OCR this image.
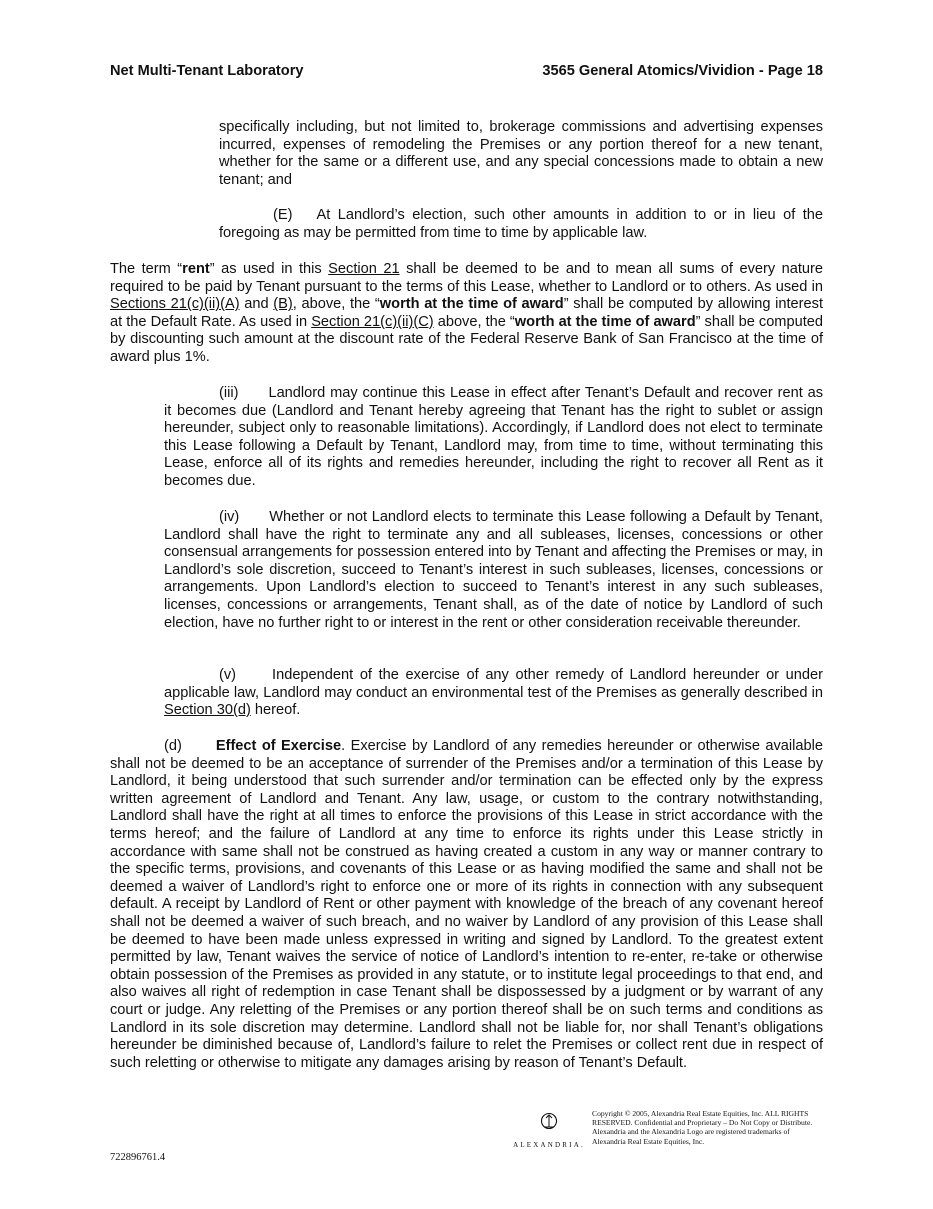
Net Multi-Tenant Laboratory	3565 General Atomics/Vividion - Page 18

specifically including, but not limited to, brokerage commissions and advertising expenses incurred, expenses of remodeling the Premises or any portion thereof for a new tenant, whether for the same or a different use, and any special concessions made to obtain a new tenant; and

(E) At Landlord’s election, such other amounts in addition to or in lieu of the foregoing as may be permitted from time to time by applicable law.

The term “rent” as used in this Section 21 shall be deemed to be and to mean all sums of every nature required to be paid by Tenant pursuant to the terms of this Lease, whether to Landlord or to others. As used in Sections 21(c)(ii)(A) and (B), above, the “worth at the time of award” shall be computed by allowing interest at the Default Rate. As used in Section 21(c)(ii)(C) above, the “worth at the time of award” shall be computed by discounting such amount at the discount rate of the Federal Reserve Bank of San Francisco at the time of award plus 1%.

(iii) Landlord may continue this Lease in effect after Tenant’s Default and recover rent as it becomes due (Landlord and Tenant hereby agreeing that Tenant has the right to sublet or assign hereunder, subject only to reasonable limitations). Accordingly, if Landlord does not elect to terminate this Lease following a Default by Tenant, Landlord may, from time to time, without terminating this Lease, enforce all of its rights and remedies hereunder, including the right to recover all Rent as it becomes due.

(iv) Whether or not Landlord elects to terminate this Lease following a Default by Tenant, Landlord shall have the right to terminate any and all subleases, licenses, concessions or other consensual arrangements for possession entered into by Tenant and affecting the Premises or may, in Landlord’s sole discretion, succeed to Tenant’s interest in such subleases, licenses, concessions or arrangements. Upon Landlord’s election to succeed to Tenant’s interest in any such subleases, licenses, concessions or arrangements, Tenant shall, as of the date of notice by Landlord of such election, have no further right to or interest in the rent or other consideration receivable thereunder.

(v) Independent of the exercise of any other remedy of Landlord hereunder or under applicable law, Landlord may conduct an environmental test of the Premises as generally described in Section 30(d) hereof.

(d) Effect of Exercise. Exercise by Landlord of any remedies hereunder or otherwise available shall not be deemed to be an acceptance of surrender of the Premises and/or a termination of this Lease by Landlord, it being understood that such surrender and/or termination can be effected only by the express written agreement of Landlord and Tenant. Any law, usage, or custom to the contrary notwithstanding, Landlord shall have the right at all times to enforce the provisions of this Lease in strict accordance with the terms hereof; and the failure of Landlord at any time to enforce its rights under this Lease strictly in accordance with same shall not be construed as having created a custom in any way or manner contrary to the specific terms, provisions, and covenants of this Lease or as having modified the same and shall not be deemed a waiver of Landlord’s right to enforce one or more of its rights in connection with any subsequent default. A receipt by Landlord of Rent or other payment with knowledge of the breach of any covenant hereof shall not be deemed a waiver of such breach, and no waiver by Landlord of any provision of this Lease shall be deemed to have been made unless expressed in writing and signed by Landlord. To the greatest extent permitted by law, Tenant waives the service of notice of Landlord’s intention to re-enter, re-take or otherwise obtain possession of the Premises as provided in any statute, or to institute legal proceedings to that end, and also waives all right of redemption in case Tenant shall be dispossessed by a judgment or by warrant of any court or judge. Any reletting of the Premises or any portion thereof shall be on such terms and conditions as Landlord in its sole discretion may determine. Landlord shall not be liable for, nor shall Tenant’s obligations hereunder be diminished because of, Landlord’s failure to relet the Premises or collect rent due in respect of such reletting or otherwise to mitigate any damages arising by reason of Tenant’s Default.

722896761.4
ALEXANDRIA.
Copyright © 2005, Alexandria Real Estate Equities, Inc. ALL RIGHTS RESERVED. Confidential and Proprietary – Do Not Copy or Distribute. Alexandria and the Alexandria Logo are registered trademarks of Alexandria Real Estate Equities, Inc.
